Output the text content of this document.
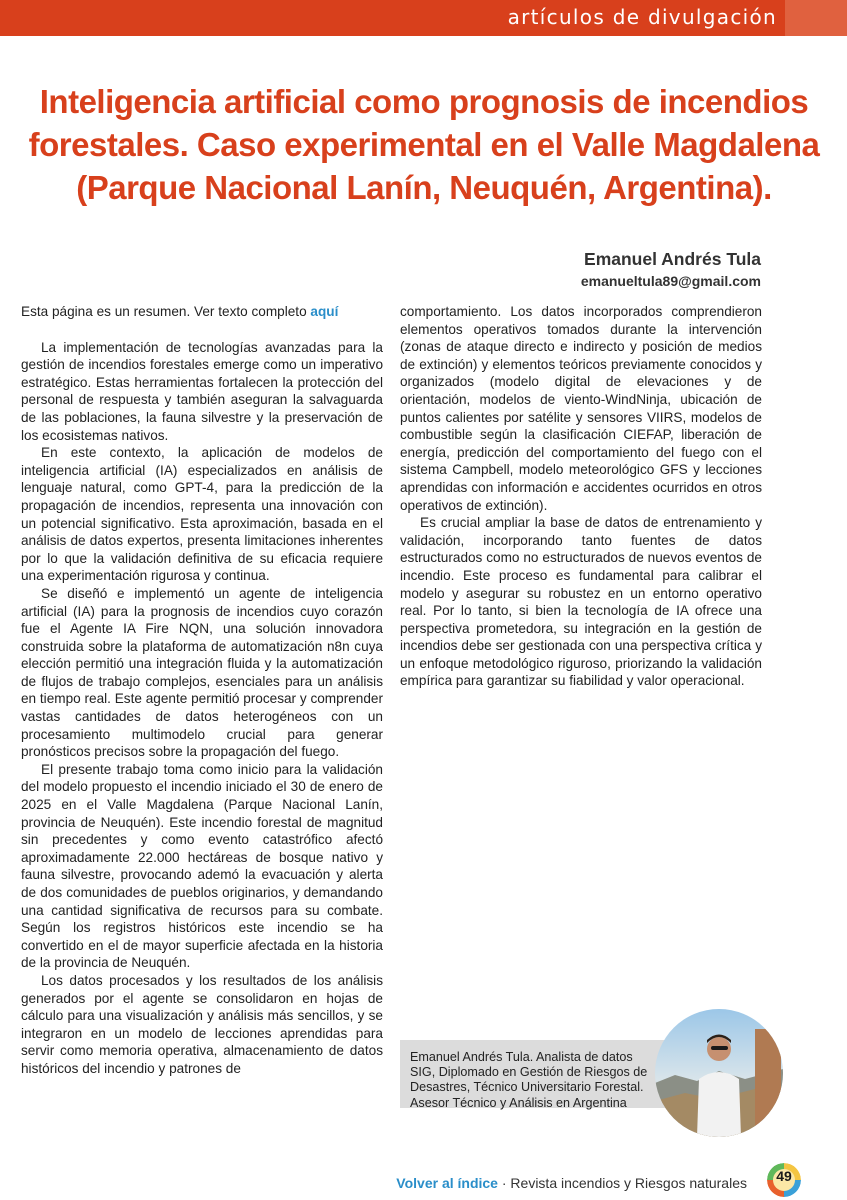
artículos de divulgación
Inteligencia artificial como prognosis de incendios forestales. Caso experimental en el Valle Magdalena (Parque Nacional Lanín, Neuquén, Argentina).
Emanuel Andrés Tula
emanueltula89@gmail.com

Esta página es un resumen. Ver texto completo aquí

La implementación de tecnologías avanzadas para la gestión de incendios forestales emerge como un imperativo estratégico. Estas herramientas fortalecen la protección del personal de respuesta y también aseguran la salvaguarda de las poblaciones, la fauna silvestre y la preservación de los ecosistemas nativos.

En este contexto, la aplicación de modelos de inteligencia artificial (IA) especializados en análisis de lenguaje natural, como GPT-4, para la predicción de la propagación de incendios, representa una innovación con un potencial significativo. Esta aproximación, basada en el análisis de datos expertos, presenta limitaciones inherentes por lo que la validación definitiva de su eficacia requiere una experimentación rigurosa y continua.

Se diseñó e implementó un agente de inteligencia artificial (IA) para la prognosis de incendios cuyo corazón fue el Agente IA Fire NQN, una solución innovadora construida sobre la plataforma de automatización n8n cuya elección permitió una integración fluida y la automatización de flujos de trabajo complejos, esenciales para un análisis en tiempo real. Este agente permitió procesar y comprender vastas cantidades de datos heterogéneos con un procesamiento multimodelo crucial para generar pronósticos precisos sobre la propagación del fuego.

El presente trabajo toma como inicio para la validación del modelo propuesto el incendio iniciado el 30 de enero de 2025 en el Valle Magdalena (Parque Nacional Lanín, provincia de Neuquén). Este incendio forestal de magnitud sin precedentes y como evento catastrófico afectó aproximadamente 22.000 hectáreas de bosque nativo y fauna silvestre, provocando ademó la evacuación y alerta de dos comunidades de pueblos originarios, y demandando una cantidad significativa de recursos para su combate. Según los registros históricos este incendio se ha convertido en el de mayor superficie afectada en la historia de la provincia de Neuquén.

Los datos procesados y los resultados de los análisis generados por el agente se consolidaron en hojas de cálculo para una visualización y análisis más sencillos, y se integraron en un modelo de lecciones aprendidas para servir como memoria operativa, almacenamiento de datos históricos del incendio y patrones de

comportamiento. Los datos incorporados comprendieron elementos operativos tomados durante la intervención (zonas de ataque directo e indirecto y posición de medios de extinción) y elementos teóricos previamente conocidos y organizados (modelo digital de elevaciones y de orientación, modelos de viento-WindNinja, ubicación de puntos calientes por satélite y sensores VIIRS, modelos de combustible según la clasificación CIEFAP, liberación de energía, predicción del comportamiento del fuego con el sistema Campbell, modelo meteorológico GFS y lecciones aprendidas con información e accidentes ocurridos en otros operativos de extinción).

Es crucial ampliar la base de datos de entrenamiento y validación, incorporando tanto fuentes de datos estructurados como no estructurados de nuevos eventos de incendio. Este proceso es fundamental para calibrar el modelo y asegurar su robustez en un entorno operativo real. Por lo tanto, si bien la tecnología de IA ofrece una perspectiva prometedora, su integración en la gestión de incendios debe ser gestionada con una perspectiva crítica y un enfoque metodológico riguroso, priorizando la validación empírica para garantizar su fiabilidad y valor operacional.

Emanuel Andrés Tula. Analista de datos SIG, Diplomado en Gestión de Riesgos de Desastres, Técnico Universitario Forestal. Asesor Técnico y Análisis en Argentina
Volver al índice · Revista incendios y Riesgos naturales	49
